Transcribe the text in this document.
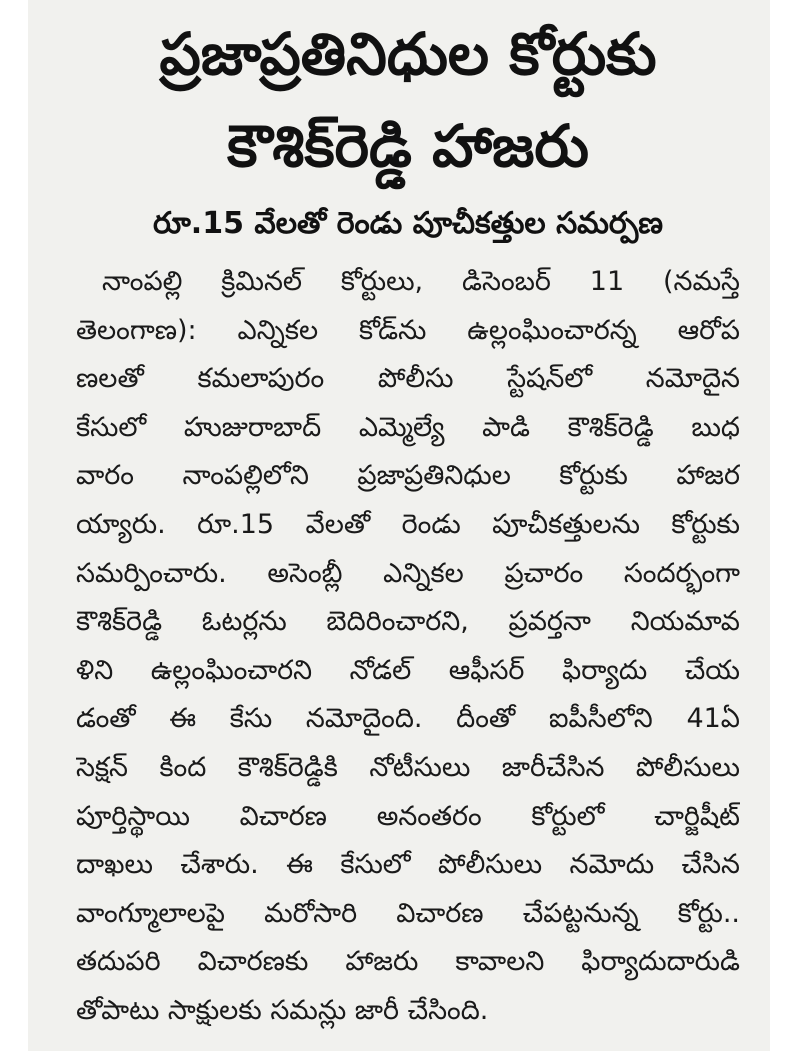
ప్రజాప్రతినిధుల కోర్టుకు
కౌశిక్‌రెడ్డి హాజరు
రూ.15 వేలతో రెండు పూచీకత్తుల సమర్పణ
నాంపల్లి క్రిమినల్ కోర్టులు, డిసెంబర్ 11 (నమస్తే
తెలంగాణ): ఎన్నికల కోడ్‌ను ఉల్లంఘించారన్న ఆరోప
ణలతో కమలాపురం పోలీసు స్టేషన్‌లో నమోదైన
కేసులో హుజురాబాద్ ఎమ్మెల్యే పాడి కౌశిక్‌రెడ్డి బుధ
వారం నాంపల్లిలోని ప్రజాప్రతినిధుల కోర్టుకు హాజర
య్యారు. రూ.15 వేలతో రెండు పూచీకత్తులను కోర్టుకు
సమర్పించారు. అసెంబ్లీ ఎన్నికల ప్రచారం సందర్భంగా
కౌశిక్‌రెడ్డి ఓటర్లను బెదిరించారని, ప్రవర్తనా నియమావ
ళిని ఉల్లంఘించారని నోడల్ ఆఫీసర్ ఫిర్యాదు చేయ
డంతో ఈ కేసు నమోదైంది. దీంతో ఐపీసీలోని 41ఏ
సెక్షన్ కింద కౌశిక్‌రెడ్డికి నోటీసులు జారీచేసిన పోలీసులు
పూర్తిస్థాయి విచారణ అనంతరం కోర్టులో చార్జిషీట్
దాఖలు చేశారు. ఈ కేసులో పోలీసులు నమోదు చేసిన
వాంగ్మూలాలపై మరోసారి విచారణ చేపట్టనున్న కోర్టు..
తదుపరి విచారణకు హాజరు కావాలని ఫిర్యాదుదారుడి
తోపాటు సాక్షులకు సమన్లు జారీ చేసింది.
